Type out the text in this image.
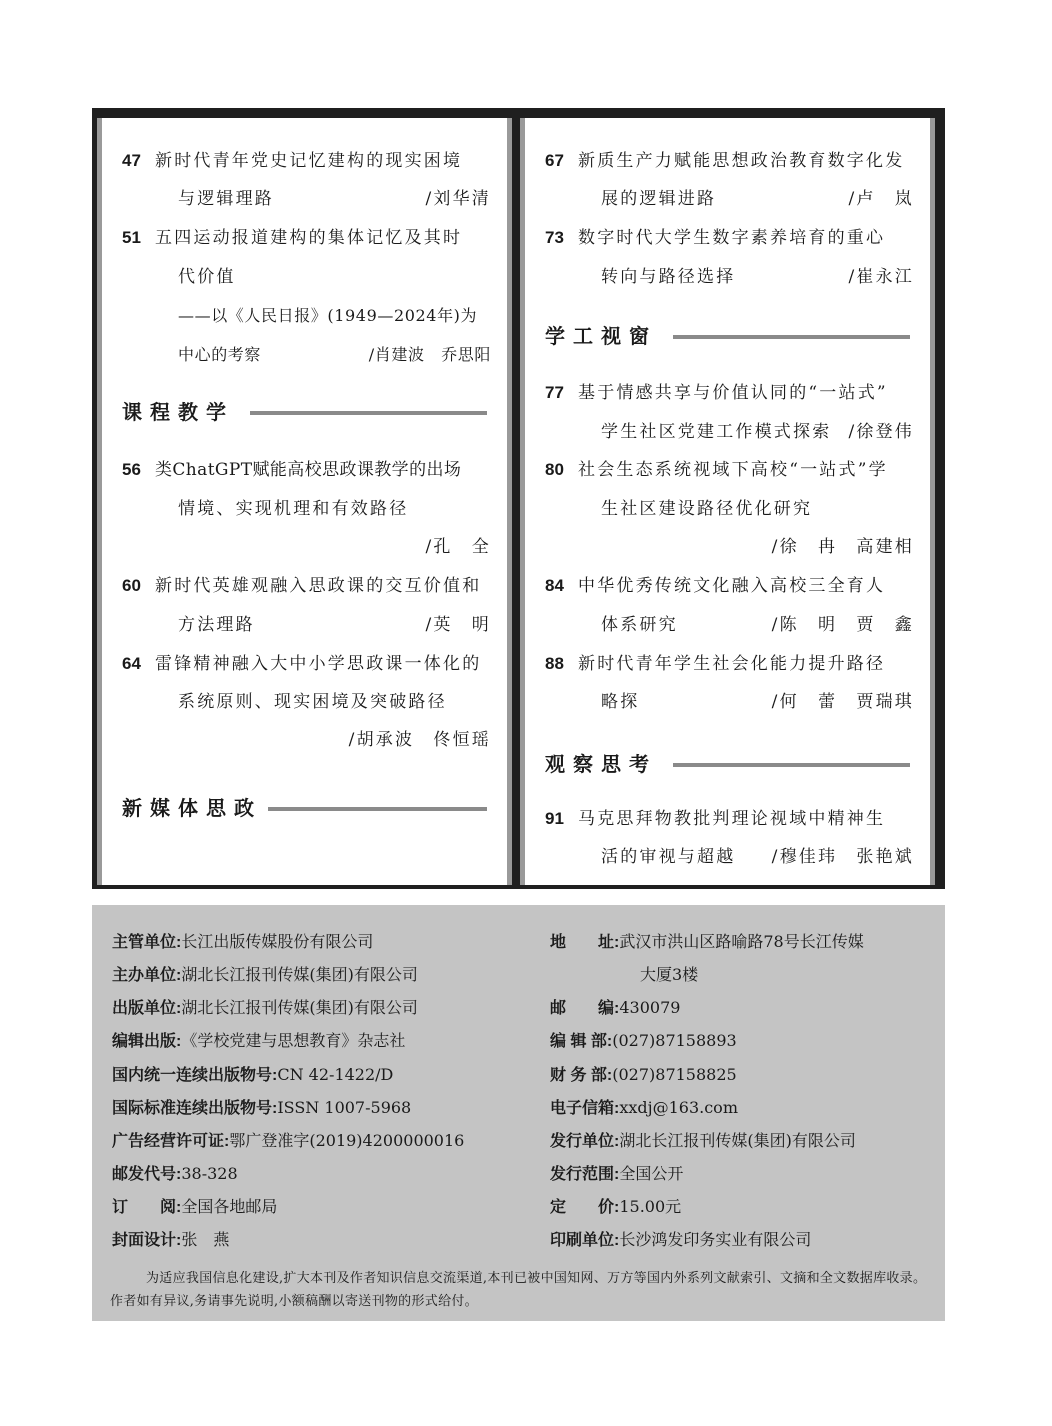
47 新时代青年党史记忆建构的现实困境
与逻辑理路	/刘华清
51 五四运动报道建构的集体记忆及其时
代价值
——以《人民日报》(1949—2024年)为
中心的考察	/肖建波　乔思阳
课程教学
56 类ChatGPT赋能高校思政课教学的出场
情境、实现机理和有效路径
/孔　全
60 新时代英雄观融入思政课的交互价值和
方法理路	/英　明
64 雷锋精神融入大中小学思政课一体化的
系统原则、现实困境及突破路径
/胡承波　佟恒瑶
新媒体思政
67 新质生产力赋能思想政治教育数字化发
展的逻辑进路	/卢　岚
73 数字时代大学生数字素养培育的重心
转向与路径选择	/崔永江
学工视窗
77 基于情感共享与价值认同的“一站式”
学生社区党建工作模式探索 /徐登伟
80 社会生态系统视域下高校“一站式”学
生社区建设路径优化研究
/徐　冉　高建相
84 中华优秀传统文化融入高校三全育人
体系研究	/陈　明　贾　鑫
88 新时代青年学生社会化能力提升路径
略探	/何　蕾　贾瑞琪
观察思考
91 马克思拜物教批判理论视域中精神生
活的审视与超越 /穆佳玮　张艳斌
主管单位:长江出版传媒股份有限公司
主办单位:湖北长江报刊传媒(集团)有限公司
出版单位:湖北长江报刊传媒(集团)有限公司
编辑出版:《学校党建与思想教育》杂志社
国内统一连续出版物号:CN 42-1422/D
国际标准连续出版物号:ISSN 1007-5968
广告经营许可证:鄂广登准字(2019)4200000016
邮发代号:38-328
订　　阅:全国各地邮局
封面设计:张　燕
地　　址:武汉市洪山区路喻路78号长江传媒
大厦3楼
邮　　编:430079
编 辑 部:(027)87158893
财 务 部:(027)87158825
电子信箱:xxdj@163.com
发行单位:湖北长江报刊传媒(集团)有限公司
发行范围:全国公开
定　　价:15.00元
印刷单位:长沙鸿发印务实业有限公司
为适应我国信息化建设,扩大本刊及作者知识信息交流渠道,本刊已被中国知网、万方等国内外系列文献索引、文摘和全文数据库收录。作者如有异议,务请事先说明,小额稿酬以寄送刊物的形式给付。
